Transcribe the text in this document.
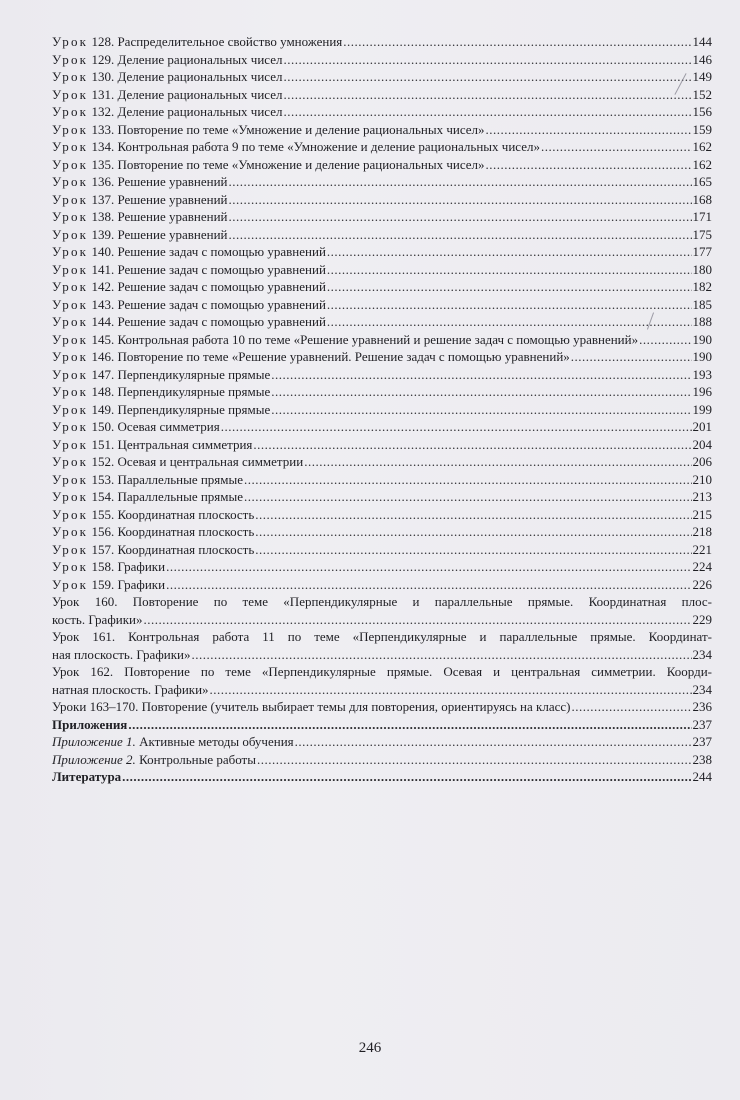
Урок 128. Распределительное свойство умножения .....	144
Урок 129. Деление рациональных чисел .....	146
Урок 130. Деление рациональных чисел .....	149
Урок 131. Деление рациональных чисел .....	152
Урок 132. Деление рациональных чисел .....	156
Урок 133. Повторение по теме «Умножение и деление рациональных чисел» .....	159
Урок 134. Контрольная работа 9 по теме «Умножение и деление рациональных чисел» .....	162
Урок 135. Повторение по теме «Умножение и деление рациональных чисел» .....	162
Урок 136. Решение уравнений .....	165
Урок 137. Решение уравнений .....	168
Урок 138. Решение уравнений .....	171
Урок 139. Решение уравнений .....	175
Урок 140. Решение задач с помощью уравнений .....	177
Урок 141. Решение задач с помощью уравнений .....	180
Урок 142. Решение задач с помощью уравнений .....	182
Урок 143. Решение задач с помощью уравнений .....	185
Урок 144. Решение задач с помощью уравнений .....	188
Урок 145. Контрольная работа 10 по теме «Решение уравнений и решение задач с помощью уравнений» .....	190
Урок 146. Повторение по теме «Решение уравнений. Решение задач с помощью уравнений» .....	190
Урок 147. Перпендикулярные прямые .....	193
Урок 148. Перпендикулярные прямые .....	196
Урок 149. Перпендикулярные прямые .....	199
Урок 150. Осевая симметрия .....	201
Урок 151. Центральная симметрия .....	204
Урок 152. Осевая и центральная симметрии .....	206
Урок 153. Параллельные прямые .....	210
Урок 154. Параллельные прямые .....	213
Урок 155. Координатная плоскость .....	215
Урок 156. Координатная плоскость .....	218
Урок 157. Координатная плоскость .....	221
Урок 158. Графики .....	224
Урок 159. Графики .....	226
Урок 160. Повторение по теме «Перпендикулярные и параллельные прямые. Координатная плос-
кость. Графики» .....	229
Урок 161. Контрольная работа 11 по теме «Перпендикулярные и параллельные прямые. Координат-
ная плоскость. Графики» .....	234
Урок 162. Повторение по теме «Перпендикулярные прямые. Осевая и центральная симметрии. Коорди-
натная плоскость. Графики» .....	234
Уроки 163–170. Повторение (учитель выбирает темы для повторения, ориентируясь на класс) .....	236
Приложения .....	237
Приложение 1. Активные методы обучения .....	237
Приложение 2. Контрольные работы .....	238
Литература .....	244
246
